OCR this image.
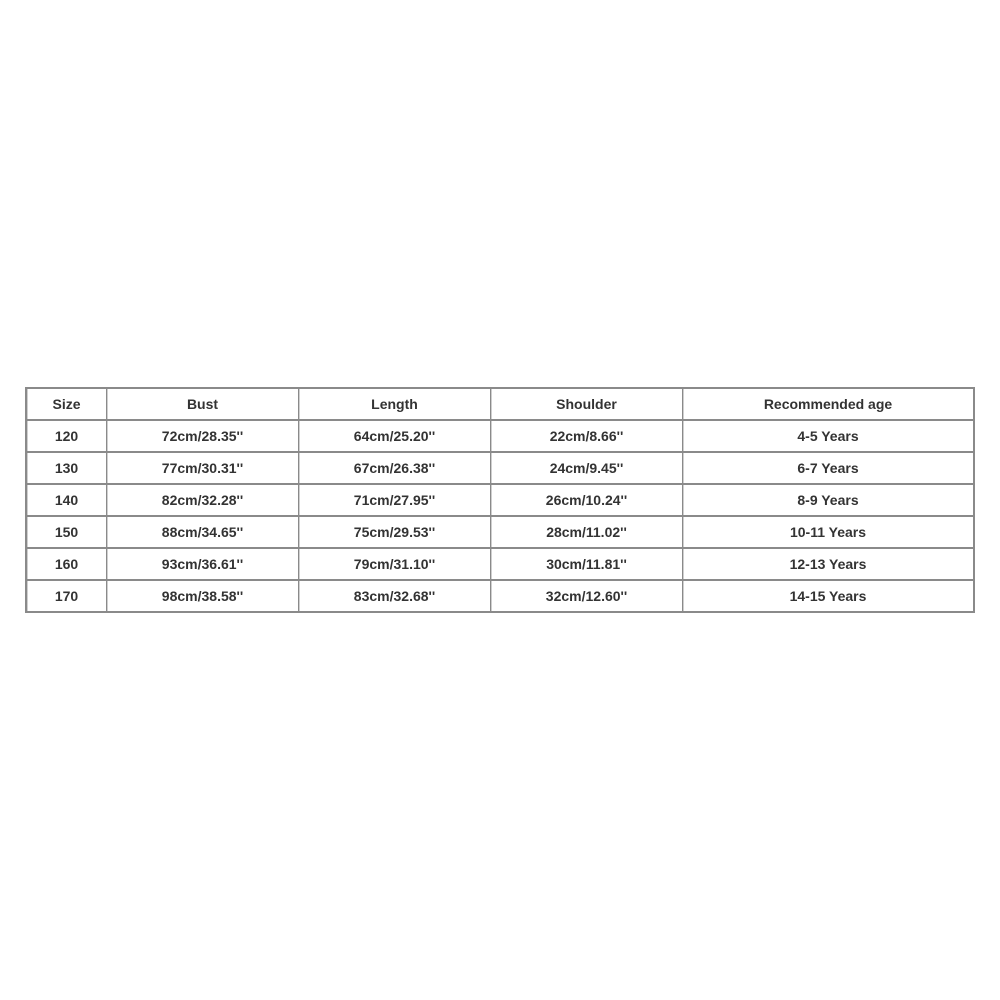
Size	Bust	Length	Shoulder	Recommended age
120	72cm/28.35''	64cm/25.20''	22cm/8.66''	4-5 Years
130	77cm/30.31''	67cm/26.38''	24cm/9.45''	6-7 Years
140	82cm/32.28''	71cm/27.95''	26cm/10.24''	8-9 Years
150	88cm/34.65''	75cm/29.53''	28cm/11.02''	10-11 Years
160	93cm/36.61''	79cm/31.10''	30cm/11.81''	12-13 Years
170	98cm/38.58''	83cm/32.68''	32cm/12.60''	14-15 Years
